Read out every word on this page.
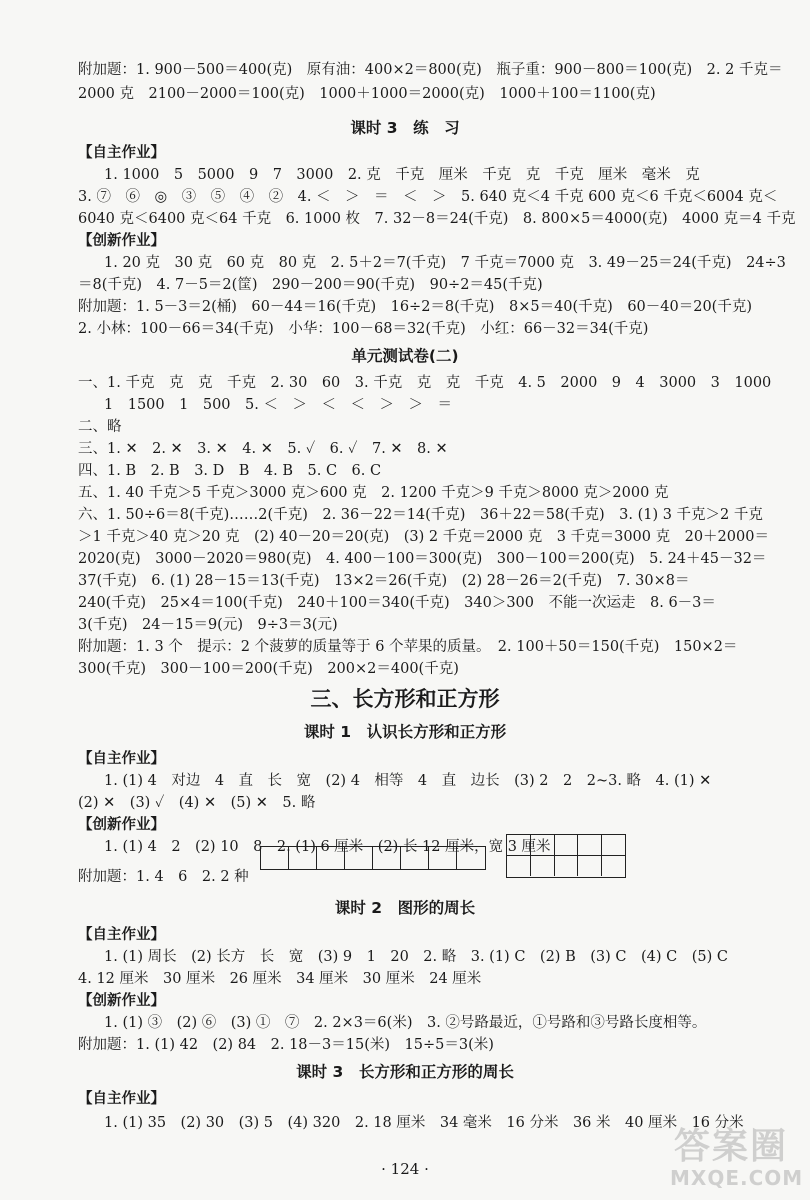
附加题：1. 900－500＝400(克)　原有油：400×2＝800(克)　瓶子重：900－800＝100(克)　2. 2 千克＝
2000 克　2100－2000＝100(克)　1000＋1000＝2000(克)　1000＋100＝1100(克)
课时 3　练　习
【自主作业】
1. 1000　5　5000　9　7　3000　2. 克　千克　厘米　千克　克　千克　厘米　毫米　克
3. ⑦　⑥　◎　③　⑤　④　②　4. ＜　＞　＝　＜　＞　5. 640 克＜4 千克 600 克＜6 千克＜6004 克＜
6040 克＜6400 克＜64 千克　6. 1000 枚　7. 32－8＝24(千克)　8. 800×5＝4000(克)　4000 克＝4 千克
【创新作业】
1. 20 克　30 克　60 克　80 克　2. 5＋2＝7(千克)　7 千克＝7000 克　3. 49－25＝24(千克)　24÷3
＝8(千克)　4. 7－5＝2(筐)　290－200＝90(千克)　90÷2＝45(千克)
附加题：1. 5－3＝2(桶)　60－44＝16(千克)　16÷2＝8(千克)　8×5＝40(千克)　60－40＝20(千克)
2. 小林：100－66＝34(千克)　小华：100－68＝32(千克)　小红：66－32＝34(千克)
单元测试卷(二)
一、1. 千克　克　克　千克　2. 30　60　3. 千克　克　克　千克　4. 5　2000　9　4　3000　3　1000
1　1500　1　500　5. ＜　＞　＜　＜　＞　＞　＝
二、略
三、1. ✕　2. ✕　3. ✕　4. ✕　5. ✓　6. ✓　7. ✕　8. ✕
四、1. B　2. B　3. D　B　4. B　5. C　6. C
五、1. 40 千克＞5 千克＞3000 克＞600 克　2. 1200 千克＞9 千克＞8000 克＞2000 克
六、1. 50÷6＝8(千克)……2(千克)　2. 36－22＝14(千克)　36＋22＝58(千克)　3. (1) 3 千克＞2 千克
＞1 千克＞40 克＞20 克　(2) 40－20＝20(克)　(3) 2 千克＝2000 克　3 千克＝3000 克　20＋2000＝
2020(克)　3000－2020＝980(克)　4. 400－100＝300(克)　300－100＝200(克)　5. 24＋45－32＝
37(千克)　6. (1) 28－15＝13(千克)　13×2＝26(千克)　(2) 28－26＝2(千克)　7. 30×8＝
240(千克)　25×4＝100(千克)　240＋100＝340(千克)　340＞300　不能一次运走　8. 6－3＝
3(千克)　24－15＝9(元)　9÷3＝3(元)
附加题：1. 3 个　提示：2 个菠萝的质量等于 6 个苹果的质量。　2. 100＋50＝150(千克)　150×2＝
300(千克)　300－100＝200(千克)　200×2＝400(千克)
三、长方形和正方形
课时 1　认识长方形和正方形
【自主作业】
1. (1) 4　对边　4　直　长　宽　(2) 4　相等　4　直　边长　(3) 2　2　2~3. 略　4. (1) ✕
(2) ✕　(3) ✓　(4) ✕　(5) ✕　5. 略
【创新作业】
1. (1) 4　2　(2) 10　8　2. (1) 6 厘米　(2) 长 12 厘米，宽 3 厘米
附加题：1. 4　6　2. 2 种
课时 2　图形的周长
【自主作业】
1. (1) 周长　(2) 长方　长　宽　(3) 9　1　20　2. 略　3. (1) C　(2) B　(3) C　(4) C　(5) C
4. 12 厘米　30 厘米　26 厘米　34 厘米　30 厘米　24 厘米
【创新作业】
1. (1) ③　(2) ⑥　(3) ①　⑦　2. 2×3＝6(米)　3. ②号路最近，①号路和③号路长度相等。
附加题：1. (1) 42　(2) 84　2. 18－3＝15(米)　15÷5＝3(米)
课时 3　长方形和正方形的周长
【自主作业】
1. (1) 35　(2) 30　(3) 5　(4) 320　2. 18 厘米　34 毫米　16 分米　36 米　40 厘米　16 分米
· 124 ·
答案圈
MXQE.COM
